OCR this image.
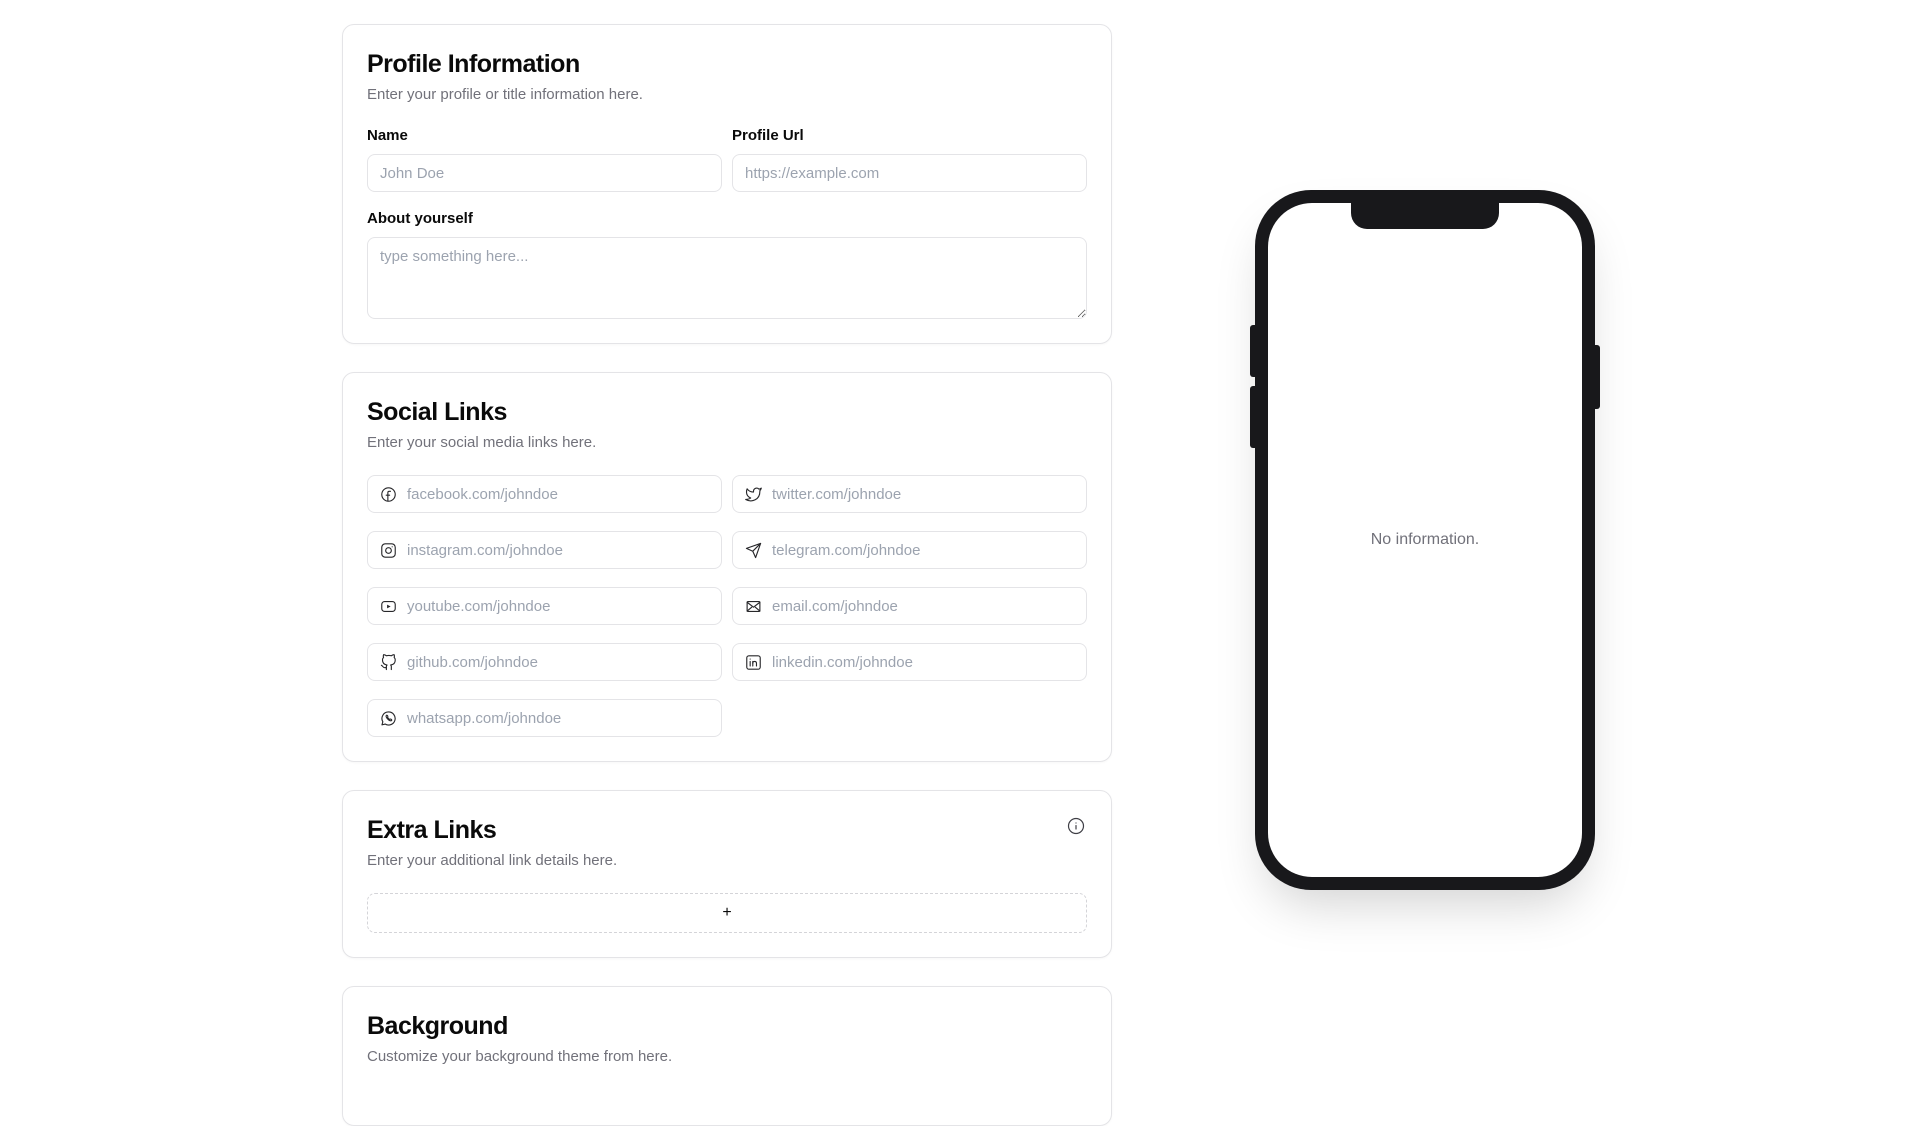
Profile Information

Enter your profile or title information here.

Name
John Doe	Profile Url
https://example.com
About yourself
type something here...
Social Links

Enter your social media links here.

facebook.com/johndoe
twitter.com/johndoe
instagram.com/johndoe
telegram.com/johndoe
youtube.com/johndoe
email.com/johndoe
github.com/johndoe
linkedin.com/johndoe
whatsapp.com/johndoe
Extra Links

Enter your additional link details here.

+
Background

Customize your background theme from here.

No information.
